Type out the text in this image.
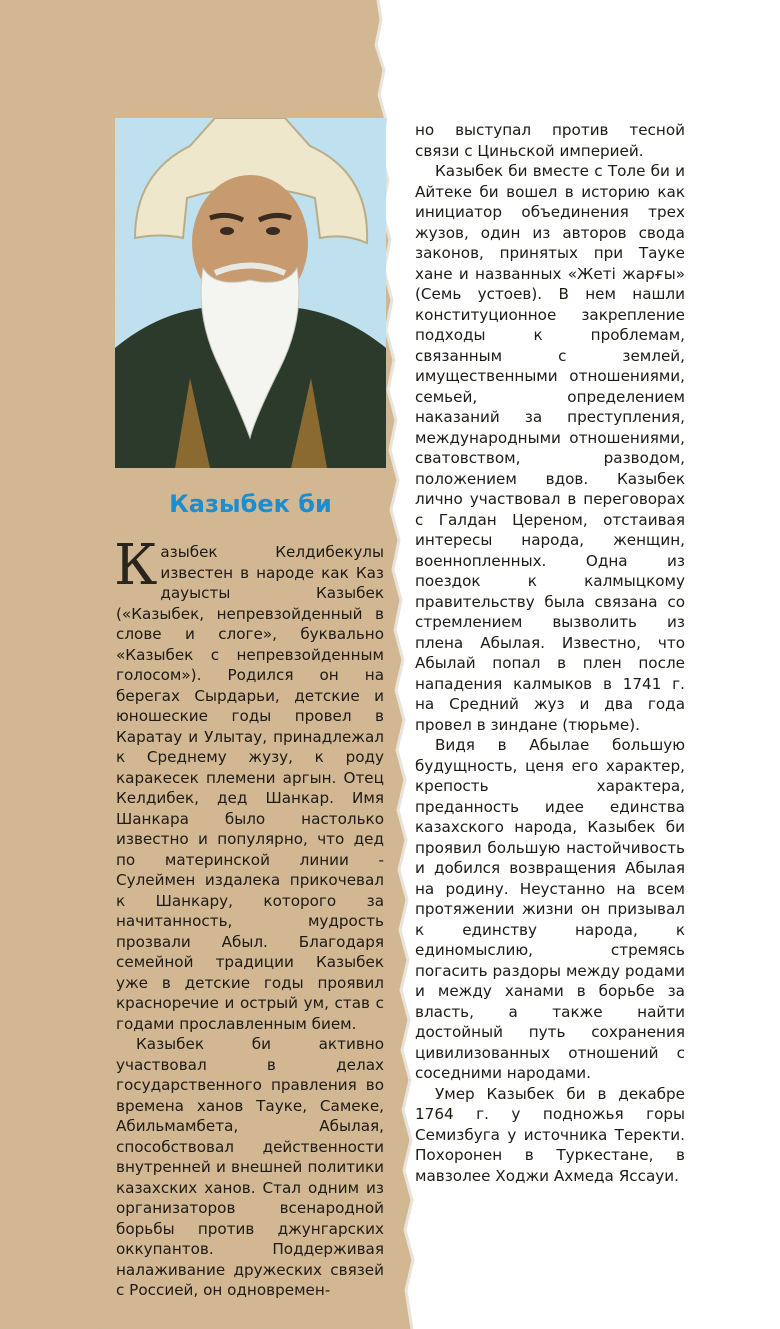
Казыбек би

Казыбек Келдибекулы известен в народе как Каз дауысты Казыбек («Казыбек, непревзойденный в слове и слоге», буквально «Казыбек с непревзойденным голосом»). Родился он на берегах Сырдарьи, детские и юношеские годы провел в Каратау и Улытау, принадлежал к Среднему жузу, к роду каракесек племени аргын. Отец Келдибек, дед Шанкар. Имя Шанкара было настолько известно и популярно, что дед по материнской линии - Сулеймен издалека прикочевал к Шанкару, которого за начитанность, мудрость прозвали Абыл. Благодаря семейной традиции Казыбек уже в детские годы проявил красноречие и острый ум, став с годами прославленным бием.

Казыбек би активно участвовал в делах государственного правления во времена ханов Тауке, Самеке, Абильмамбета, Абылая, способствовал действенности внутренней и внешней политики казахских ханов. Стал одним из организаторов всенародной борьбы против джунгарских оккупантов. Поддерживая налаживание дружеских связей с Россией, он одновремен-

но выступал против тесной связи с Циньской империей.

Казыбек би вместе с Толе би и Айтеке би вошел в историю как инициатор объединения трех жузов, один из авторов свода законов, принятых при Тауке хане и названных «Жеті жарғы» (Семь устоев). В нем нашли конституционное закрепление подходы к проблемам, связанным с землей, имущественными отношениями, семьей, определением наказаний за преступления, международными отношениями, сватовством, разводом, положением вдов. Казыбек лично участвовал в переговорах с Галдан Цереном, отстаивая интересы народа, женщин, военнопленных. Одна из поездок к калмыцкому правительству была связана со стремлением вызволить из плена Абылая. Известно, что Абылай попал в плен после нападения калмыков в 1741 г. на Средний жуз и два года провел в зиндане (тюрьме).

Видя в Абылае большую будущность, ценя его характер, крепость характера, преданность идее единства казахского народа, Казыбек би проявил большую настойчивость и добился возвращения Абылая на родину. Неустанно на всем протяжении жизни он призывал к единству народа, к единомыслию, стремясь погасить раздоры между родами и между ханами в борьбе за власть, а также найти достойный путь сохранения цивилизованных отношений с соседними народами.

Умер Казыбек би в декабре 1764 г. у подножья горы Семизбуга у источника Теректи. Похоронен в Туркестане, в мавзолее Ходжи Ахмеда Яссауи.
